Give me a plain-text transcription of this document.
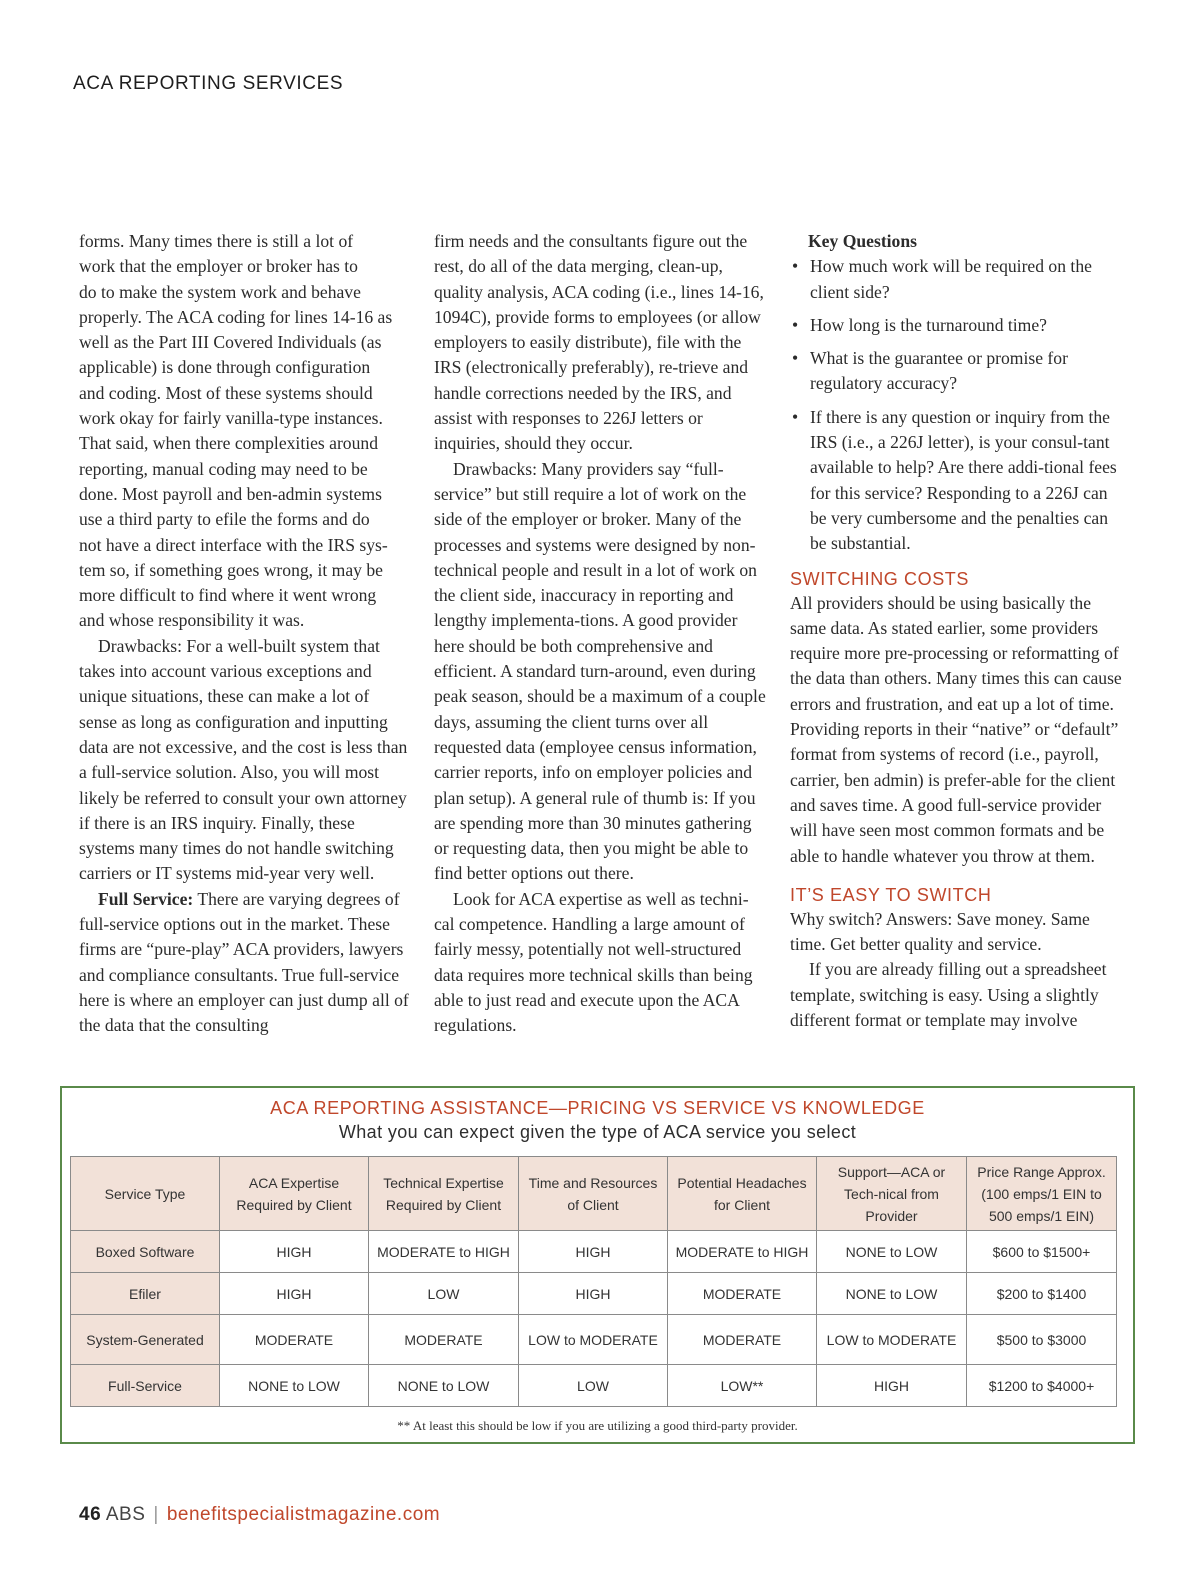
ACA REPORTING SERVICES

forms. Many times there is still a lot of
work that the employer or broker has to
do to make the system work and behave
properly. The ACA coding for lines 14-16 as
well as the Part III Covered Individuals (as
applicable) is done through configuration
and coding. Most of these systems should
work okay for fairly vanilla-type instances.
That said, when there complexities around
reporting, manual coding may need to be
done. Most payroll and ben-admin systems
use a third party to efile the forms and do
not have a direct interface with the IRS sys-
tem so, if something goes wrong, it may be
more difficult to find where it went wrong
and whose responsibility it was.

Drawbacks: For a well-built system that takes into account various exceptions and unique situations, these can make a lot of sense as long as configuration and inputting data are not excessive, and the cost is less than a full-service solution. Also, you will most likely be referred to consult your own attorney if there is an IRS inquiry. Finally, these systems many times do not handle switching carriers or IT systems mid-year very well.

Full Service: There are varying degrees of full-service options out in the market. These firms are “pure-play” ACA providers, lawyers and compliance consultants. True full-service here is where an employer can just dump all of the data that the consulting

firm needs and the consultants figure out the rest, do all of the data merging, clean-up, quality analysis, ACA coding (i.e., lines 14-16, 1094C), provide forms to employees (or allow employers to easily distribute), file with the IRS (electronically preferably), re-trieve and handle corrections needed by the IRS, and assist with responses to 226J letters or inquiries, should they occur.

Drawbacks: Many providers say “full-service” but still require a lot of work on the side of the employer or broker. Many of the processes and systems were designed by non-technical people and result in a lot of work on the client side, inaccuracy in reporting and lengthy implementa-tions. A good provider here should be both comprehensive and efficient. A standard turn-around, even during peak season, should be a maximum of a couple days, assuming the client turns over all requested data (employee census information, carrier reports, info on employer policies and plan setup). A general rule of thumb is: If you are spending more than 30 minutes gathering or requesting data, then you might be able to find better options out there.

Look for ACA expertise as well as techni-cal competence. Handling a large amount of fairly messy, potentially not well-structured data requires more technical skills than being able to just read and execute upon the ACA regulations.

Key Questions
• How much work will be required on the client side?
• How long is the turnaround time?
• What is the guarantee or promise for regulatory accuracy?
• If there is any question or inquiry from the IRS (i.e., a 226J letter), is your consul-tant available to help? Are there addi-tional fees for this service? Responding to a 226J can be very cumbersome and the penalties can be substantial.
SWITCHING COSTS

All providers should be using basically the same data. As stated earlier, some providers require more pre-processing or reformatting of the data than others. Many times this can cause errors and frustration, and eat up a lot of time. Providing reports in their “native” or “default” format from systems of record (i.e., payroll, carrier, ben admin) is prefer-able for the client and saves time. A good full-service provider will have seen most common formats and be able to handle whatever you throw at them.

IT’S EASY TO SWITCH

Why switch? Answers: Save money. Same time. Get better quality and service.

If you are already filling out a spreadsheet template, switching is easy. Using a slightly different format or template may involve

ACA REPORTING ASSISTANCE—PRICING VS SERVICE VS KNOWLEDGE
What you can expect given the type of ACA service you select
Service Type	ACA Expertise Required by Client	Technical Expertise Required by Client	Time and Resources of Client	Potential Headaches for Client	Support—ACA or Tech-nical from Provider	Price Range Approx. (100 emps/1 EIN to 500 emps/1 EIN)
Boxed Software	HIGH	MODERATE to HIGH	HIGH	MODERATE to HIGH	NONE to LOW	$600 to $1500+
Efiler	HIGH	LOW	HIGH	MODERATE	NONE to LOW	$200 to $1400
System-Generated	MODERATE	MODERATE	LOW to MODERATE	MODERATE	LOW to MODERATE	$500 to $3000
Full-Service	NONE to LOW	NONE to LOW	LOW	LOW**	HIGH	$1200 to $4000+
** At least this should be low if you are utilizing a good third-party provider.
46 ABS | benefitspecialistmagazine.com
